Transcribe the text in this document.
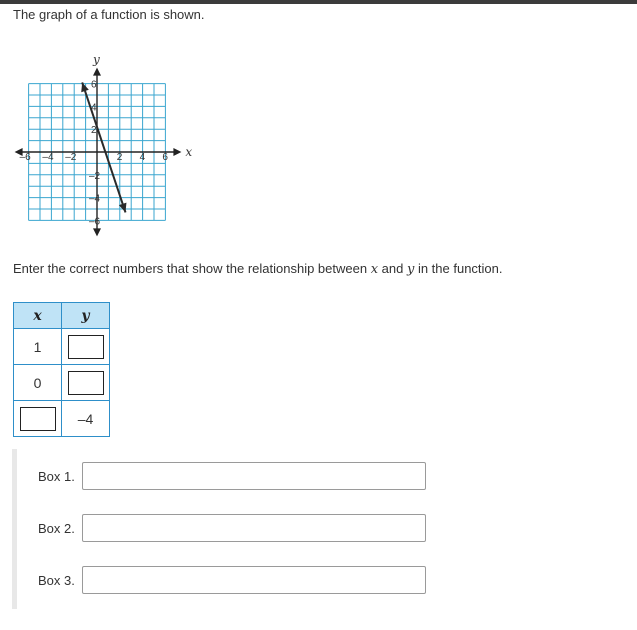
The graph of a function is shown.
x
y
–6 –4 –2	2 4 6
6
4
2
–2
–4
–6
Enter the correct numbers that show the relationship between x and y in the function.
x	y
1	
0	
	–4
Box 1.
Box 2.
Box 3.
